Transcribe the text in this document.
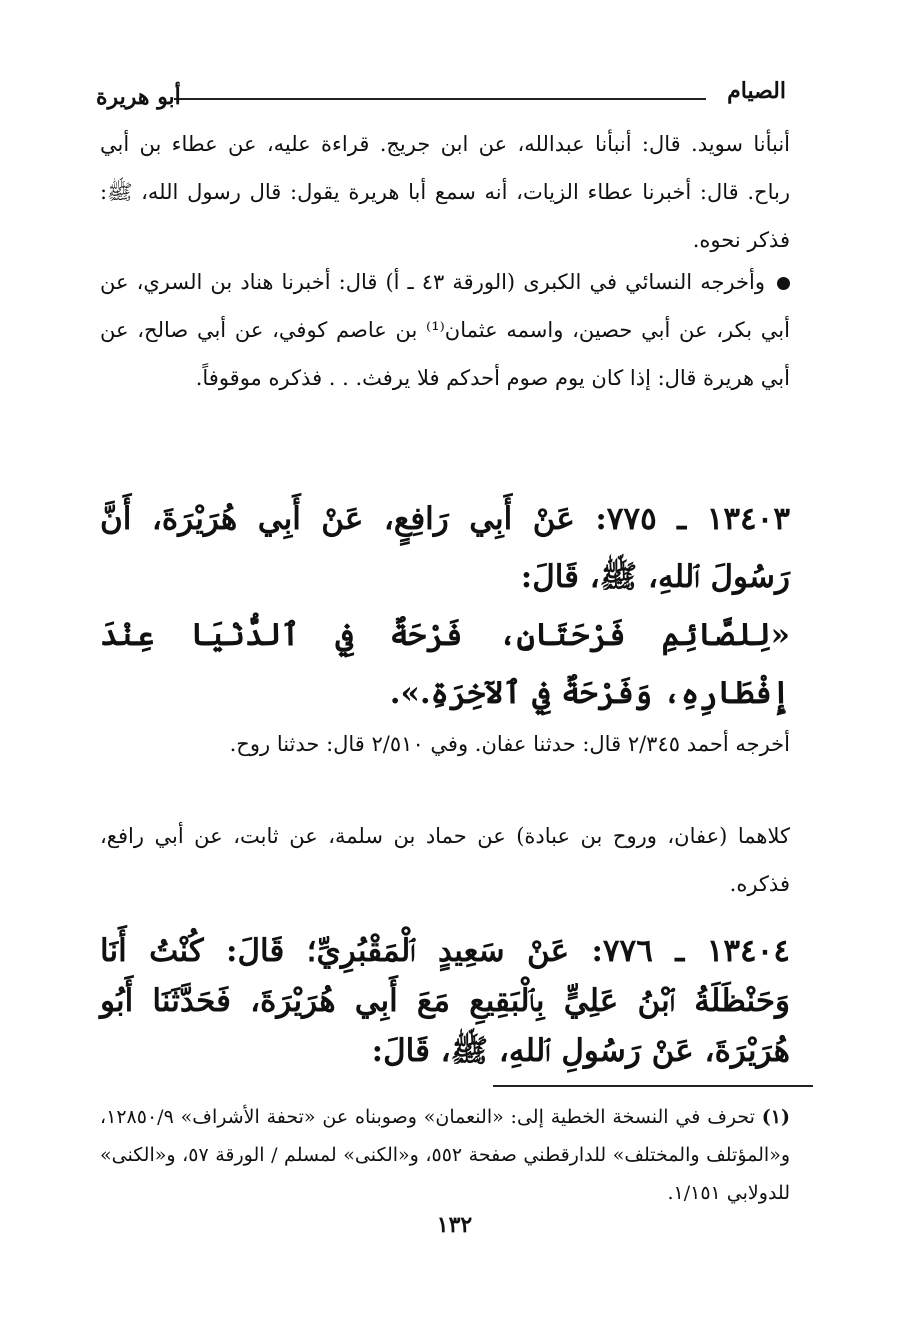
الصيام
أبو هريرة
أنبأنا سويد. قال: أنبأنا عبدالله، عن ابن جريج. قراءة عليه، عن عطاء بن أبي رباح. قال: أخبرنا عطاء الزيات، أنه سمع أبا هريرة يقول: قال رسول الله، ﷺ: فذكر نحوه.
وأخرجه النسائي في الكبرى (الورقة ٤٣ ـ أ) قال: أخبرنا هناد بن السري، عن أبي بكر، عن أبي حصين، واسمه عثمان⁽¹⁾ بن عاصم كوفي، عن أبي صالح، عن أبي هريرة قال: إذا كان يوم صوم أحدكم فلا يرفث. . . فذكره موقوفاً.
١٣٤٠٣ ـ ٧٧٥: عَنْ أَبِي رَافِعٍ، عَنْ أَبِي هُرَيْرَةَ، أَنَّ رَسُولَ ٱللهِ، ﷺ، قَالَ:
«لِلصَّائِمِ فَرْحَتَانِ، فَرْحَةٌ فِي ٱلدُّنْيَا عِنْدَ إِفْطَارِهِ، وَفَرْحَةٌ فِي ٱلآخِرَةِ.».
أخرجه أحمد ٢/٣٤٥ قال: حدثنا عفان. وفي ٢/٥١٠ قال: حدثنا روح.
كلاهما (عفان، وروح بن عبادة) عن حماد بن سلمة، عن ثابت، عن أبي رافع، فذكره.
١٣٤٠٤ ـ ٧٧٦: عَنْ سَعِيدٍ ٱلْمَقْبُرِيِّ؛ قَالَ: كُنْتُ أَنَا وَحَنْظَلَةُ ٱبْنُ عَلِيٍّ بِٱلْبَقِيعِ مَعَ أَبِي هُرَيْرَةَ، فَحَدَّثَنَا أَبُو هُرَيْرَةَ، عَنْ رَسُولِ ٱللهِ، ﷺ، قَالَ:
(١) تحرف في النسخة الخطية إلى: «النعمان» وصوبناه عن «تحفة الأشراف» ١٢٨٥٠/٩، و«المؤتلف والمختلف» للدارقطني صفحة ٥٥٢، و«الكنى» لمسلم / الورقة ٥٧، و«الكنى» للدولابي ١/١٥١.
١٣٢
